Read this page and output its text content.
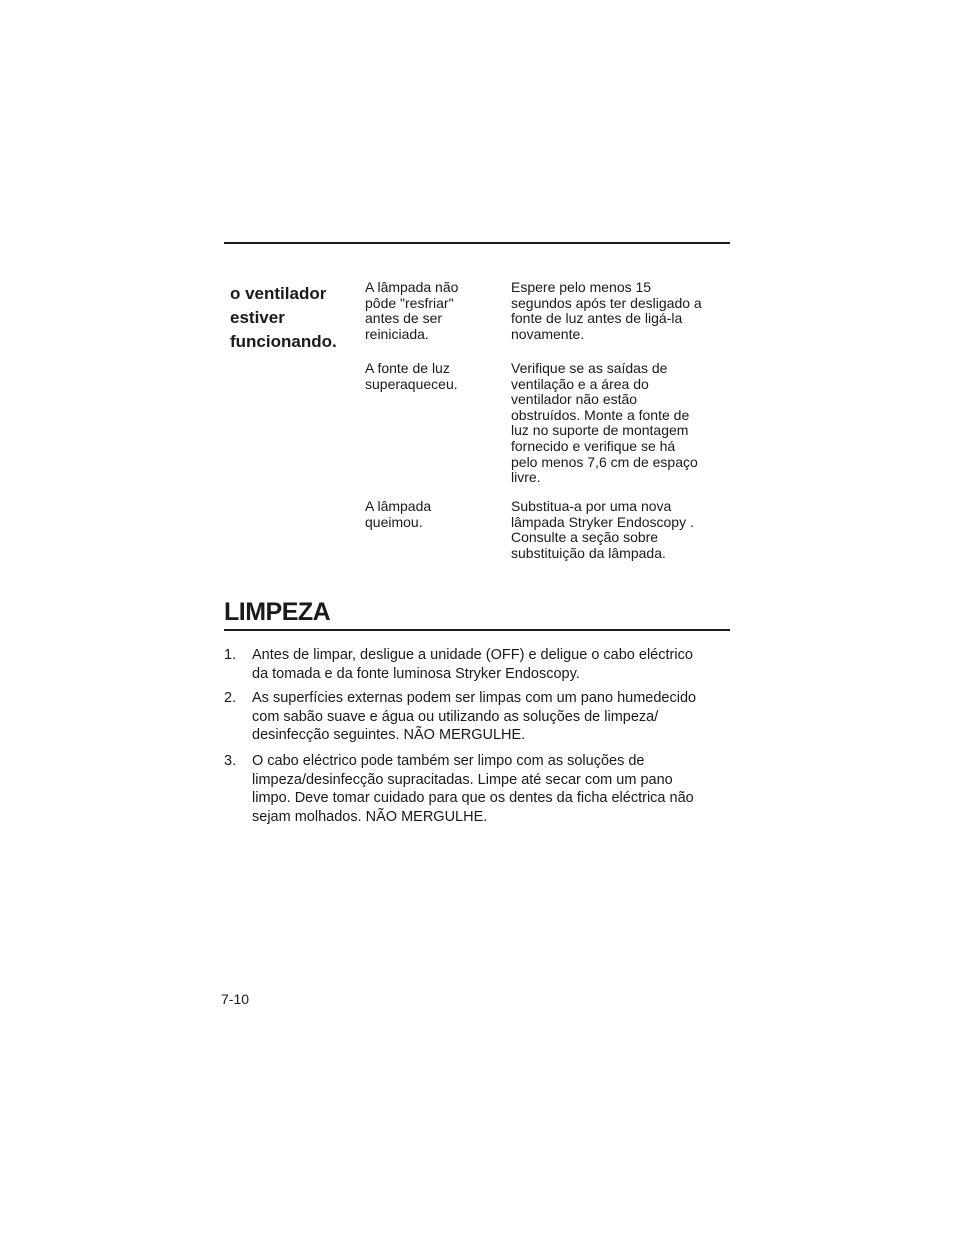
o ventilador
estiver
funcionando.
A lâmpada não
pôde "resfriar"
antes de ser
reiniciada.
Espere pelo menos 15
segundos após ter desligado a
fonte de luz antes de ligá-la
novamente.
A fonte de luz
superaqueceu.
Verifique se as saídas de
ventilação e a área do
ventilador não estão
obstruídos. Monte a fonte de
luz no suporte de montagem
fornecido e verifique se há
pelo menos 7,6 cm de espaço
livre.
A lâmpada
queimou.
Substitua-a por uma nova
lâmpada Stryker Endoscopy .
Consulte a seção sobre
substituição da lâmpada.
LIMPEZA
1. Antes de limpar, desligue a unidade (OFF) e deligue o cabo eléctrico
da tomada e da fonte luminosa Stryker Endoscopy.
2. As superfícies externas podem ser limpas com um pano humedecido
com sabão suave e água ou utilizando as soluções de limpeza/
desinfecção seguintes. NÃO MERGULHE.
3. O cabo eléctrico pode também ser limpo com as soluções de
limpeza/desinfecção supracitadas. Limpe até secar com um pano
limpo. Deve tomar cuidado para que os dentes da ficha eléctrica não
sejam molhados. NÃO MERGULHE.
7-10
